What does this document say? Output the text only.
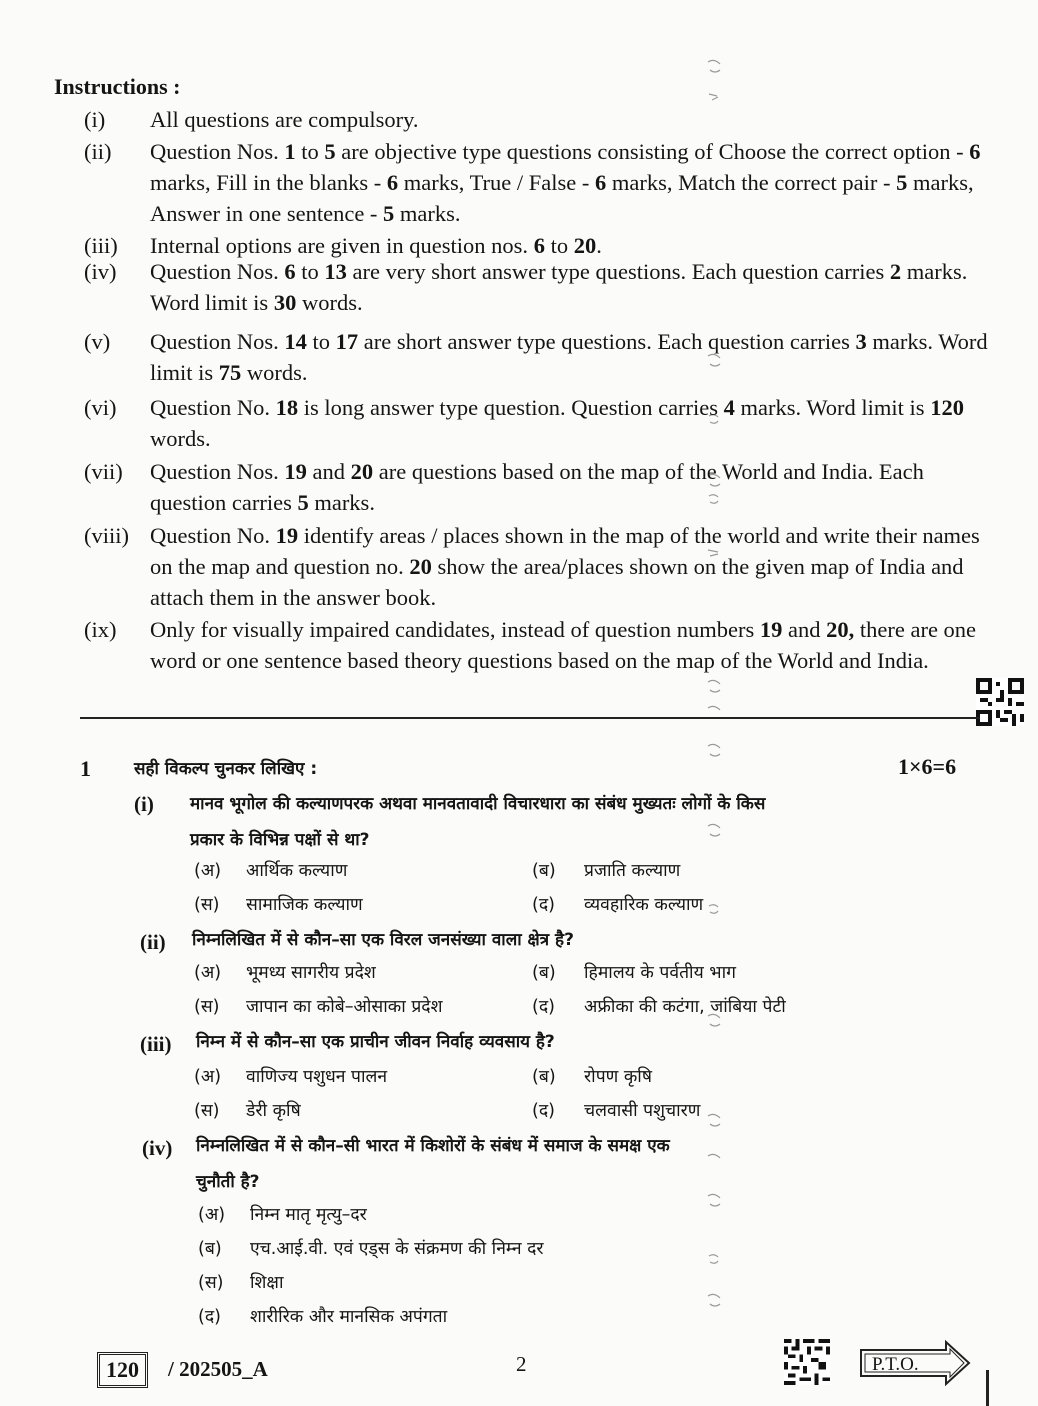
Instructions :
(i)	All questions are compulsory.
(ii)	Question Nos. 1 to 5 are objective type questions consisting of Choose the correct option - 6 marks, Fill in the blanks - 6 marks, True / False - 6 marks, Match the correct pair - 5 marks, Answer in one sentence - 5 marks.
(iii)	Internal options are given in question nos. 6 to 20.
(iv)	Question Nos. 6 to 13 are very short answer type questions. Each question carries 2 marks. Word limit is 30 words.
(v)	Question Nos. 14 to 17 are short answer type questions. Each question carries 3 marks. Word limit is 75 words.
(vi)	Question No. 18 is long answer type question. Question carries 4 marks. Word limit is 120 words.
(vii)	Question Nos. 19 and 20 are questions based on the map of the World and India. Each question carries 5 marks.
(viii) Question No. 19 identify areas / places shown in the map of the world and write their names on the map and question no. 20 show the area/places shown on the given map of India and attach them in the answer book.
(ix)	Only for visually impaired candidates, instead of question numbers 19 and 20, there are one word or one sentence based theory questions based on the map of the World and India.
1	सही विकल्प चुनकर लिखिए :	1×6=6
(i) मानव भूगोल की कल्याणपरक अथवा मानवतावादी विचारधारा का संबंध मुख्यतः लोगों के किस
प्रकार के विभिन्न पक्षों से था?
(अ) आर्थिक कल्याण	(ब) प्रजाति कल्याण
(स) सामाजिक कल्याण	(द) व्यवहारिक कल्याण
(ii) निम्नलिखित में से कौन–सा एक विरल जनसंख्या वाला क्षेत्र है?
(अ) भूमध्य सागरीय प्रदेश	(ब) हिमालय के पर्वतीय भाग
(स) जापान का कोबे–ओसाका प्रदेश	(द) अफ्रीका की कटंगा, जांबिया पेटी
(iii) निम्न में से कौन–सा एक प्राचीन जीवन निर्वाह व्यवसाय है?
(अ) वाणिज्य पशुधन पालन	(ब) रोपण कृषि
(स) डेरी कृषि	(द) चलवासी पशुचारण
(iv) निम्नलिखित में से कौन–सी भारत में किशोरों के संबंध में समाज के समक्ष एक
चुनौती है?
(अ) निम्न मातृ मृत्यु–दर
(ब) एच.आई.वी. एवं एड्स के संक्रमण की निम्न दर
(स) शिक्षा
(द) शारीरिक और मानसिक अपंगता
120	/ 202505_A	2	P.T.O.
